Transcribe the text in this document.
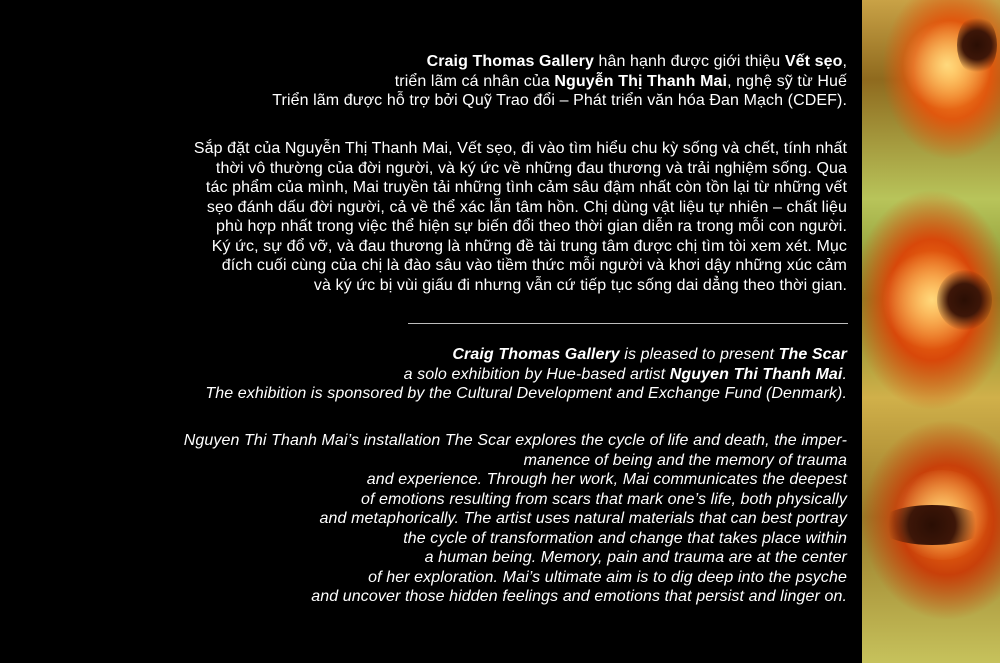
Craig Thomas Gallery hân hạnh được giới thiệu Vết sẹo,
triển lãm cá nhân của Nguyễn Thị Thanh Mai, nghệ sỹ từ Huế
Triển lãm được hỗ trợ bởi Quỹ Trao đổi – Phát triển văn hóa Đan Mạch (CDEF).
Sắp đặt của Nguyễn Thị Thanh Mai, Vết sẹo, đi vào tìm hiểu chu kỳ sống và chết, tính nhất
thời vô thường của đời người, và ký ức về những đau thương và trải nghiệm sống. Qua
tác phẩm của mình, Mai truyền tải những tình cảm sâu đậm nhất còn tồn lại từ những vết
sẹo đánh dấu đời người, cả về thể xác lẫn tâm hồn. Chị dùng vật liệu tự nhiên – chất liệu
phù hợp nhất trong việc thể hiện sự biến đổi theo thời gian diễn ra trong mỗi con người.
Ký ức, sự đổ vỡ, và đau thương là những đề tài trung tâm được chị tìm tòi xem xét. Mục
đích cuối cùng của chị là đào sâu vào tiềm thức mỗi người và khơi dậy những xúc cảm
và ký ức bị vùi giấu đi nhưng vẫn cứ tiếp tục sống dai dẳng theo thời gian.
Craig Thomas Gallery is pleased to present The Scar
a solo exhibition by Hue-based artist Nguyen Thi Thanh Mai.
The exhibition is sponsored by the Cultural Development and Exchange Fund (Denmark).
Nguyen Thi Thanh Mai’s installation The Scar explores the cycle of life and death, the imper-
manence of being and the memory of trauma
and experience. Through her work, Mai communicates the deepest
of emotions resulting from scars that mark one’s life, both physically
and metaphorically. The artist uses natural materials that can best portray
the cycle of transformation and change that takes place within
a human being. Memory, pain and trauma are at the center
of her exploration. Mai’s ultimate aim is to dig deep into the psyche
and uncover those hidden feelings and emotions that persist and linger on.
